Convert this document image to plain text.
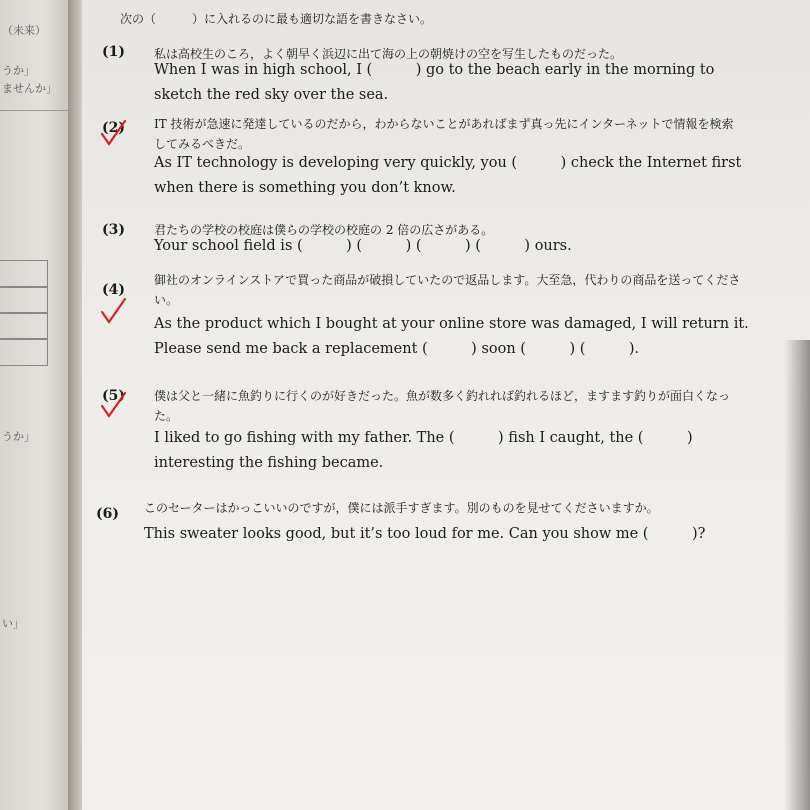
（未来）
うか」
ませんか」
うか」
い」
次の（　　　）に入れるのに最も適切な語を書きなさい。
(1) 私は高校生のころ，よく朝早く浜辺に出て海の上の朝焼けの空を写生したものだった。
When I was in high school, I (　　　) go to the beach early in the morning to sketch the red sky over the sea.
(2) IT 技術が急速に発達しているのだから，わからないことがあればまず真っ先にインターネットで情報を検索してみるべきだ。
As IT technology is developing very quickly, you (　　　) check the Internet first when there is something you don’t know.
(3) 君たちの学校の校庭は僕らの学校の校庭の 2 倍の広さがある。
Your school field is (　　　) (　　　) (　　　) (　　　) ours.
(4)
御社のオンラインストアで買った商品が破損していたので返品します。大至急，代わりの商品を送ってください。
As the product which I bought at your online store was damaged, I will return it. Please send me back a replacement (　　　) soon (　　　) (　　　).
(5) 僕は父と一緒に魚釣りに行くのが好きだった。魚が数多く釣れれば釣れるほど，ますます釣りが面白くなった。
I liked to go fishing with my father. The (　　　) fish I caught, the (　　　) interesting the fishing became.
(6) このセーターはかっこいいのですが，僕には派手すぎます。別のものを見せてくださいますか。
This sweater looks good, but it’s too loud for me. Can you show me (　　　)?
